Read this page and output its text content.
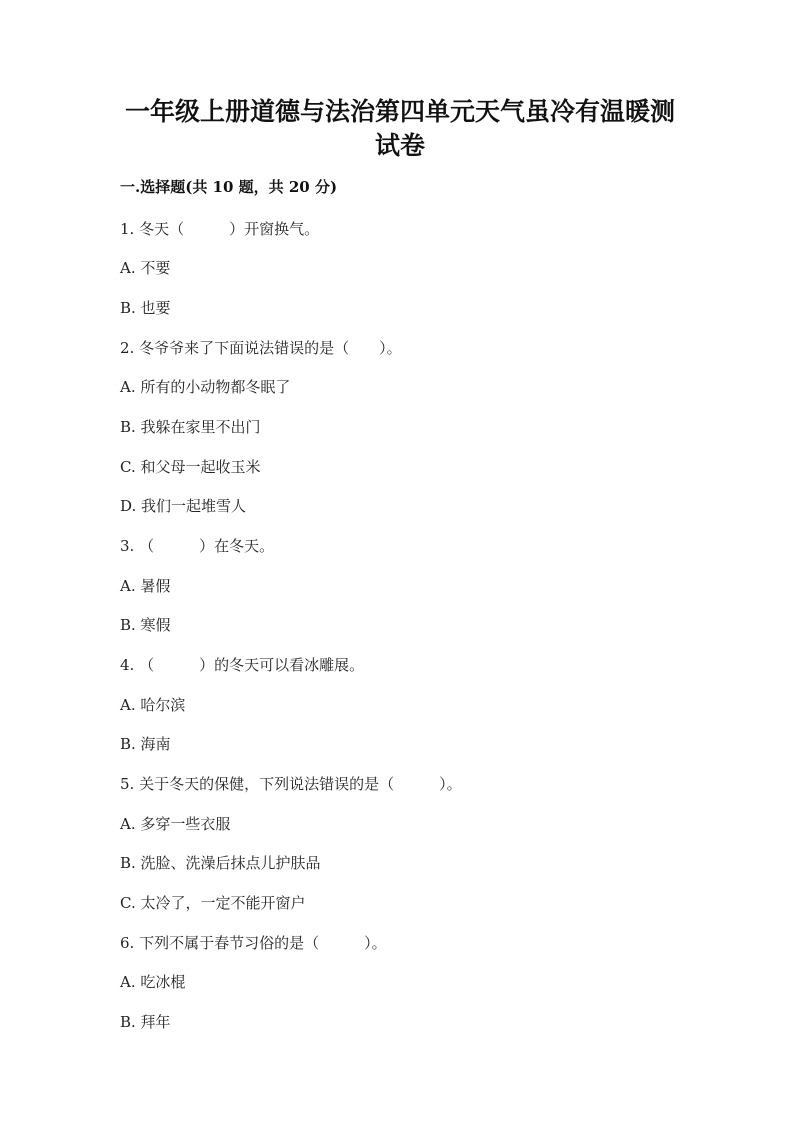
一年级上册道德与法治第四单元天气虽冷有温暖测
试卷
一.选择题(共 10 题，共 20 分)
1. 冬天（　　　）开窗换气。
A. 不要
B. 也要
2. 冬爷爷来了下面说法错误的是（　　）。
A. 所有的小动物都冬眠了
B. 我躲在家里不出门
C. 和父母一起收玉米
D. 我们一起堆雪人
3. （　　　）在冬天。
A. 暑假
B. 寒假
4. （　　　）的冬天可以看冰雕展。
A. 哈尔滨
B. 海南
5. 关于冬天的保健，下列说法错误的是（　　　）。
A. 多穿一些衣服
B. 洗脸、洗澡后抹点儿护肤品
C. 太冷了，一定不能开窗户
6. 下列不属于春节习俗的是（　　　）。
A. 吃冰棍
B. 拜年
